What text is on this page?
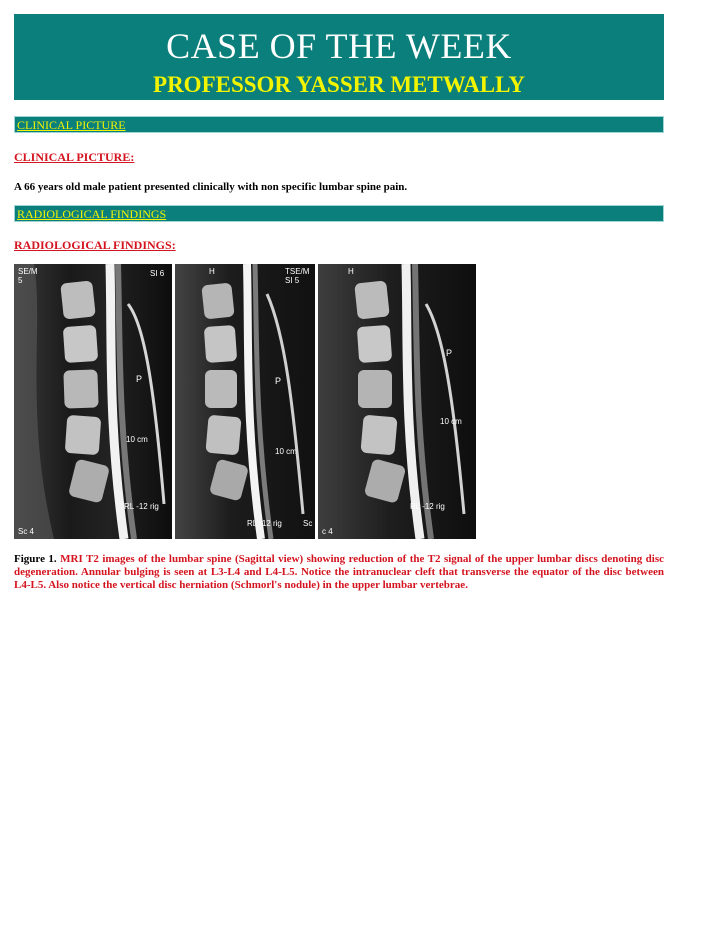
CASE OF THE WEEK
PROFESSOR YASSER METWALLY
CLINICAL PICTURE
CLINICAL PICTURE:
A 66 years old male patient presented clinically with non specific lumbar spine pain.
RADIOLOGICAL FINDINGS
RADIOLOGICAL FINDINGS:
SE/M
5
SI 6
P
10 cm
Sc 4
RL -12 rig
H	TSE/M
SI 5
P
10 cm
RL -12 rig	Sc
H
P
10 cm
c 4
RL -12 rig
Figure 1. MRI T2 images of the lumbar spine (Sagittal view) showing reduction of the T2 signal of the upper lumbar discs denoting disc degeneration. Annular bulging is seen at L3-L4 and L4-L5. Notice the intranuclear cleft that transverse the equator of the disc between L4-L5. Also notice the vertical disc herniation (Schmorl's nodule) in the upper lumbar vertebrae.
